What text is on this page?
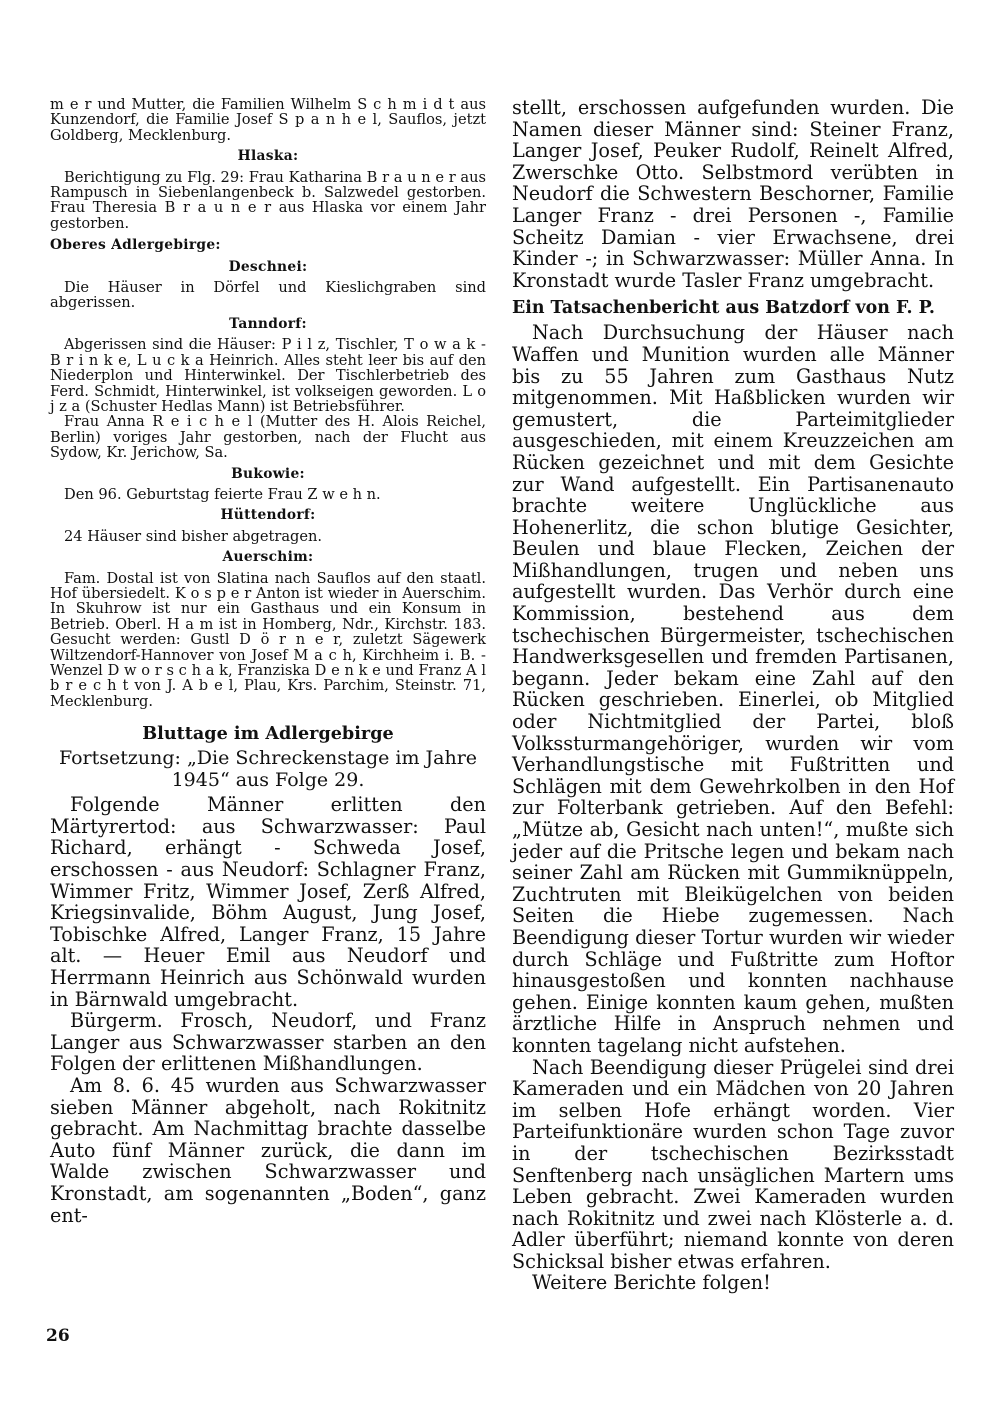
m e r und Mutter, die Familien Wilhelm S c h m i d t aus Kunzendorf, die Familie Josef S p a n h e l, Sauflos, jetzt Goldberg, Mecklenburg.

Hlaska:

Berichtigung zu Flg. 29: Frau Katharina B r a u n e r aus Rampusch in Siebenlangenbeck b. Salzwedel gestorben. Frau Theresia B r a u n e r aus Hlaska vor einem Jahr gestorben.

Oberes Adlergebirge:
Deschnei:

Die Häuser in Dörfel und Kieslichgraben sind abgerissen.

Tanndorf:

Abgerissen sind die Häuser: P i l z, Tischler, T o w a k - B r i n k e, L u c k a Heinrich. Alles steht leer bis auf den Niederplon und Hinterwinkel. Der Tischlerbetrieb des Ferd. Schmidt, Hinterwinkel, ist volkseigen geworden. L o j z a (Schuster Hedlas Mann) ist Betriebsführer.

Frau Anna R e i c h e l (Mutter des H. Alois Reichel, Berlin) voriges Jahr gestorben, nach der Flucht aus Sydow, Kr. Jerichow, Sa.

Bukowie:

Den 96. Geburtstag feierte Frau Z w e h n.

Hüttendorf:

24 Häuser sind bisher abgetragen.

Auerschim:

Fam. Dostal ist von Slatina nach Sauflos auf den staatl. Hof übersiedelt. K o s p e r Anton ist wieder in Auerschim. In Skuhrow ist nur ein Gasthaus und ein Konsum in Betrieb. Oberl. H a m ist in Homberg, Ndr., Kirchstr. 183. Gesucht werden: Gustl D ö r n e r, zuletzt Sägewerk Wiltzendorf-Hannover von Josef M a c h, Kirchheim i. B. - Wenzel D w o r s c h a k, Franziska D e n k e und Franz A l b r e c h t von J. A b e l, Plau, Krs. Parchim, Steinstr. 71, Mecklenburg.

Bluttage im Adlergebirge
Fortsetzung: „Die Schreckenstage im Jahre 1945“ aus Folge 29.

Folgende Männer erlitten den Märtyrertod: aus Schwarzwasser: Paul Richard, erhängt - Schweda Josef, erschossen - aus Neudorf: Schlagner Franz, Wimmer Fritz, Wimmer Josef, Zerß Alfred, Kriegsinvalide, Böhm August, Jung Josef, Tobischke Alfred, Langer Franz, 15 Jahre alt. — Heuer Emil aus Neudorf und Herrmann Heinrich aus Schönwald wurden in Bärnwald umgebracht.

Bürgerm. Frosch, Neudorf, und Franz Langer aus Schwarzwasser starben an den Folgen der erlittenen Mißhandlungen.

Am 8. 6. 45 wurden aus Schwarzwasser sieben Männer abgeholt, nach Rokitnitz gebracht. Am Nachmittag brachte dasselbe Auto fünf Männer zurück, die dann im Walde zwischen Schwarzwasser und Kronstadt, am sogenannten „Boden“, ganz ent-

stellt, erschossen aufgefunden wurden. Die Namen dieser Männer sind: Steiner Franz, Langer Josef, Peuker Rudolf, Reinelt Alfred, Zwerschke Otto. Selbstmord verübten in Neudorf die Schwestern Beschorner, Familie Langer Franz - drei Personen -, Familie Scheitz Damian - vier Erwachsene, drei Kinder -; in Schwarzwasser: Müller Anna. In Kronstadt wurde Tasler Franz umgebracht.

Ein Tatsachenbericht aus Batzdorf von F. P.

Nach Durchsuchung der Häuser nach Waffen und Munition wurden alle Männer bis zu 55 Jahren zum Gasthaus Nutz mitgenommen. Mit Haßblicken wurden wir gemustert, die Parteimitglieder ausgeschieden, mit einem Kreuzzeichen am Rücken gezeichnet und mit dem Gesichte zur Wand aufgestellt. Ein Partisanenauto brachte weitere Unglückliche aus Hohenerlitz, die schon blutige Gesichter, Beulen und blaue Flecken, Zeichen der Mißhandlungen, trugen und neben uns aufgestellt wurden. Das Verhör durch eine Kommission, bestehend aus dem tschechischen Bürgermeister, tschechischen Handwerksgesellen und fremden Partisanen, begann. Jeder bekam eine Zahl auf den Rücken geschrieben. Einerlei, ob Mitglied oder Nichtmitglied der Partei, bloß Volkssturmangehöriger, wurden wir vom Verhandlungstische mit Fußtritten und Schlägen mit dem Gewehrkolben in den Hof zur Folterbank getrieben. Auf den Befehl: „Mütze ab, Gesicht nach unten!“, mußte sich jeder auf die Pritsche legen und bekam nach seiner Zahl am Rücken mit Gummiknüppeln, Zuchtruten mit Bleikügelchen von beiden Seiten die Hiebe zugemessen. Nach Beendigung dieser Tortur wurden wir wieder durch Schläge und Fußtritte zum Hoftor hinausgestoßen und konnten nachhause gehen. Einige konnten kaum gehen, mußten ärztliche Hilfe in Anspruch nehmen und konnten tagelang nicht aufstehen.

Nach Beendigung dieser Prügelei sind drei Kameraden und ein Mädchen von 20 Jahren im selben Hofe erhängt worden. Vier Parteifunktionäre wurden schon Tage zuvor in der tschechischen Bezirksstadt Senftenberg nach unsäglichen Martern ums Leben gebracht. Zwei Kameraden wurden nach Rokitnitz und zwei nach Klösterle a. d. Adler überführt; niemand konnte von deren Schicksal bisher etwas erfahren.

Weitere Berichte folgen!

26
